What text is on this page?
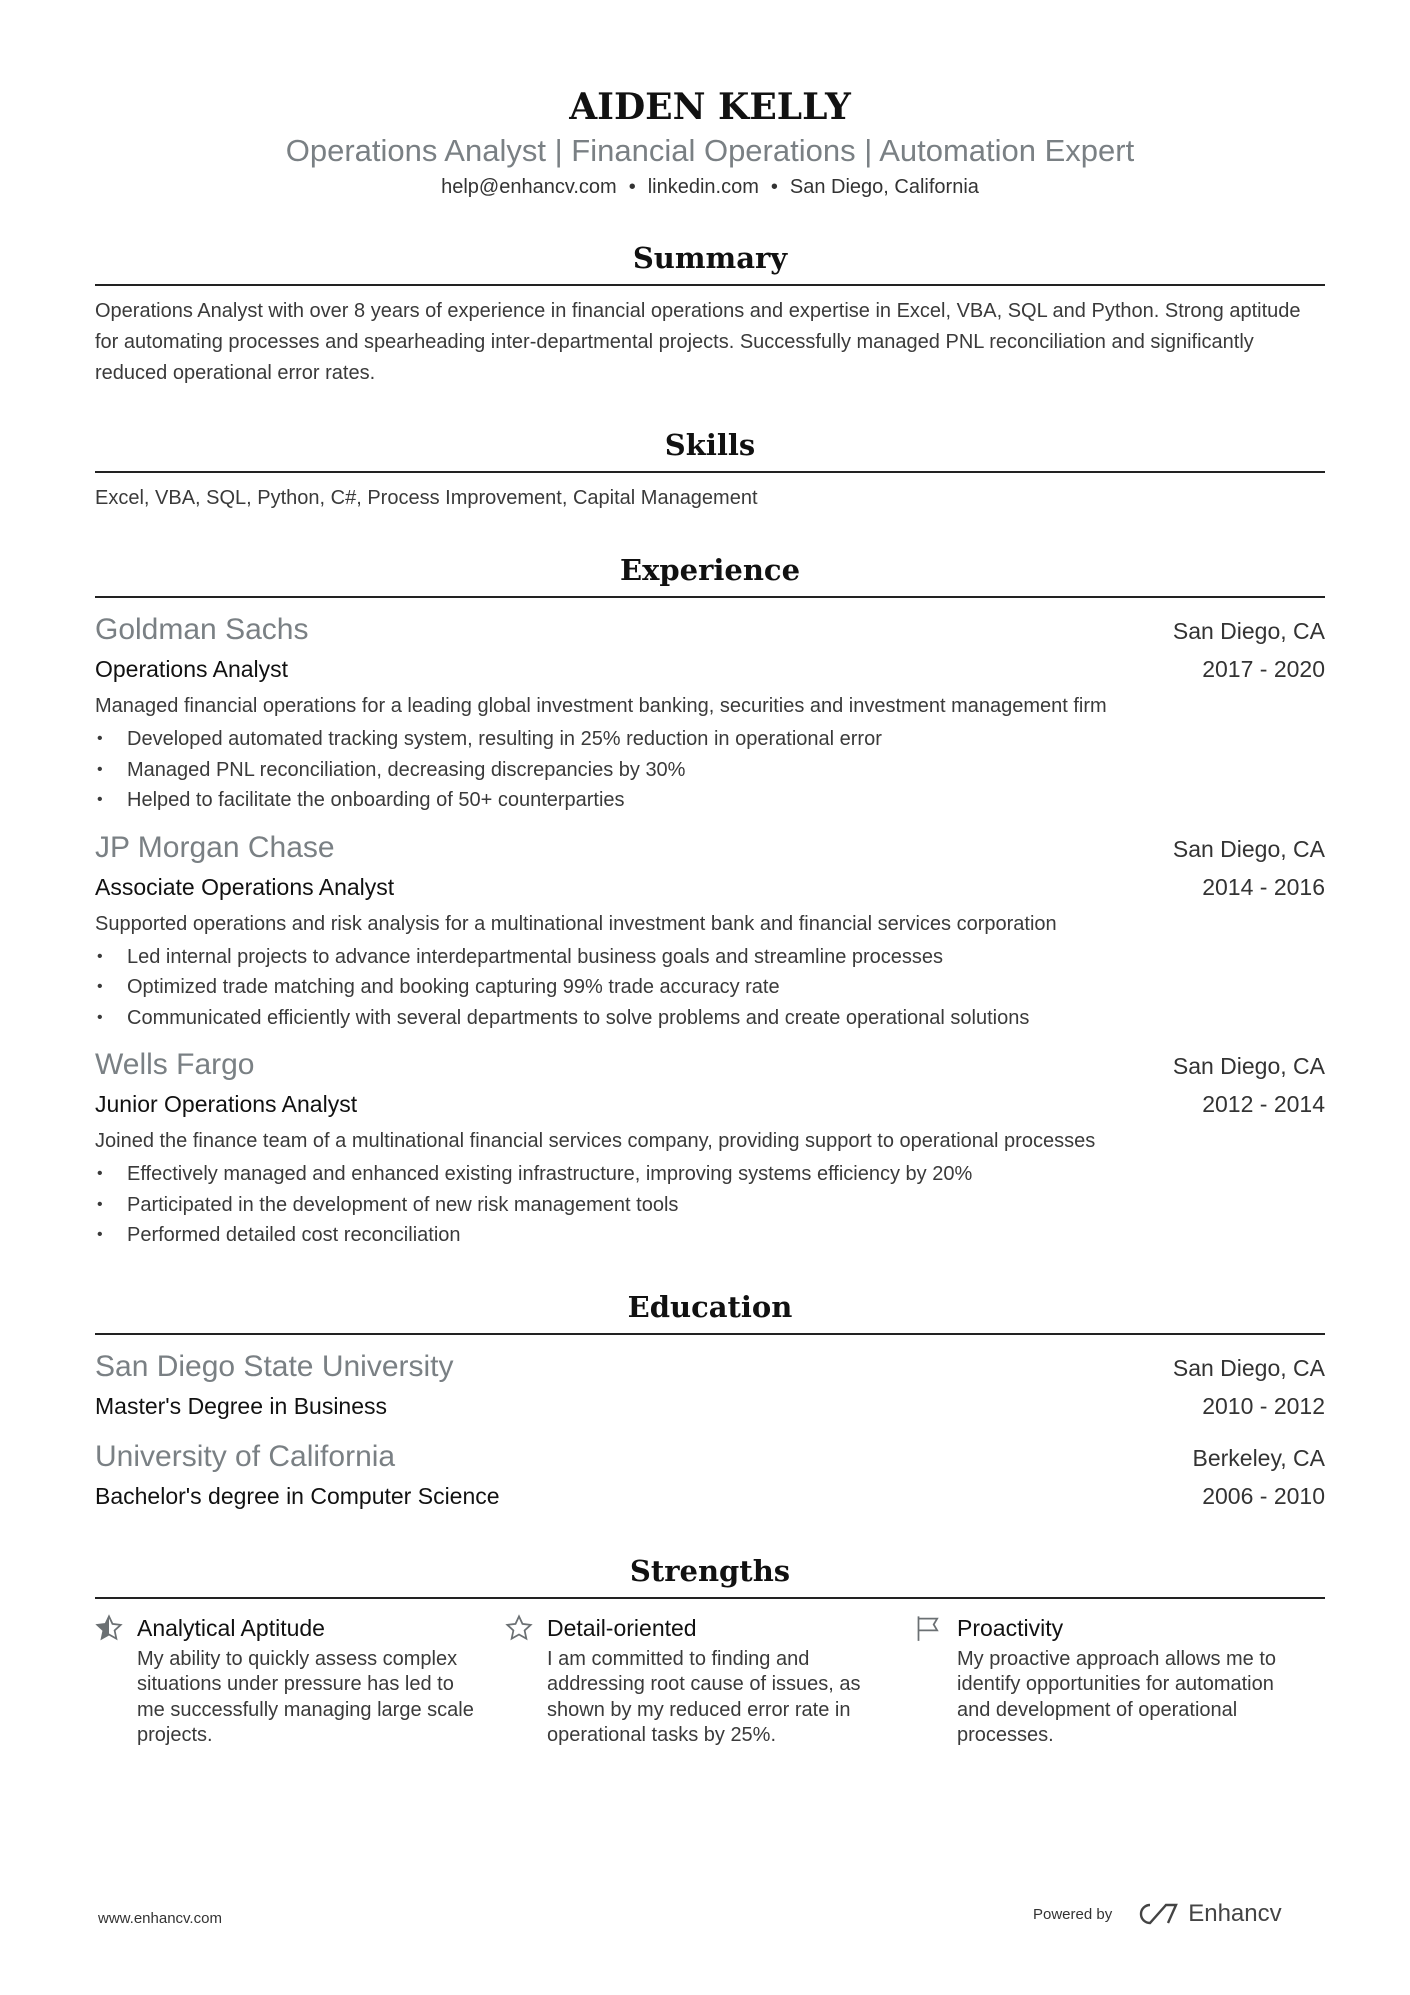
AIDEN KELLY
Operations Analyst | Financial Operations | Automation Expert
help@enhancv.com • linkedin.com • San Diego, California
Summary
Operations Analyst with over 8 years of experience in financial operations and expertise in Excel, VBA, SQL and Python. Strong aptitude for automating processes and spearheading inter-departmental projects. Successfully managed PNL reconciliation and significantly reduced operational error rates.
Skills
Excel, VBA, SQL, Python, C#, Process Improvement, Capital Management
Experience
Goldman Sachs	San Diego, CA
Operations Analyst	2017 - 2020
Managed financial operations for a leading global investment banking, securities and investment management firm
• Developed automated tracking system, resulting in 25% reduction in operational error
• Managed PNL reconciliation, decreasing discrepancies by 30%
• Helped to facilitate the onboarding of 50+ counterparties
JP Morgan Chase	San Diego, CA
Associate Operations Analyst	2014 - 2016
Supported operations and risk analysis for a multinational investment bank and financial services corporation
• Led internal projects to advance interdepartmental business goals and streamline processes
• Optimized trade matching and booking capturing 99% trade accuracy rate
• Communicated efficiently with several departments to solve problems and create operational solutions
Wells Fargo	San Diego, CA
Junior Operations Analyst	2012 - 2014
Joined the finance team of a multinational financial services company, providing support to operational processes
• Effectively managed and enhanced existing infrastructure, improving systems efficiency by 20%
• Participated in the development of new risk management tools
• Performed detailed cost reconciliation
Education
San Diego State University	San Diego, CA
Master's Degree in Business	2010 - 2012
University of California	Berkeley, CA
Bachelor's degree in Computer Science	2006 - 2010
Strengths
Analytical Aptitude
My ability to quickly assess complex situations under pressure has led to me successfully managing large scale projects.
Detail-oriented
I am committed to finding and addressing root cause of issues, as shown by my reduced error rate in operational tasks by 25%.
Proactivity
My proactive approach allows me to identify opportunities for automation and development of operational processes.
www.enhancv.com	Powered by	Enhancv
